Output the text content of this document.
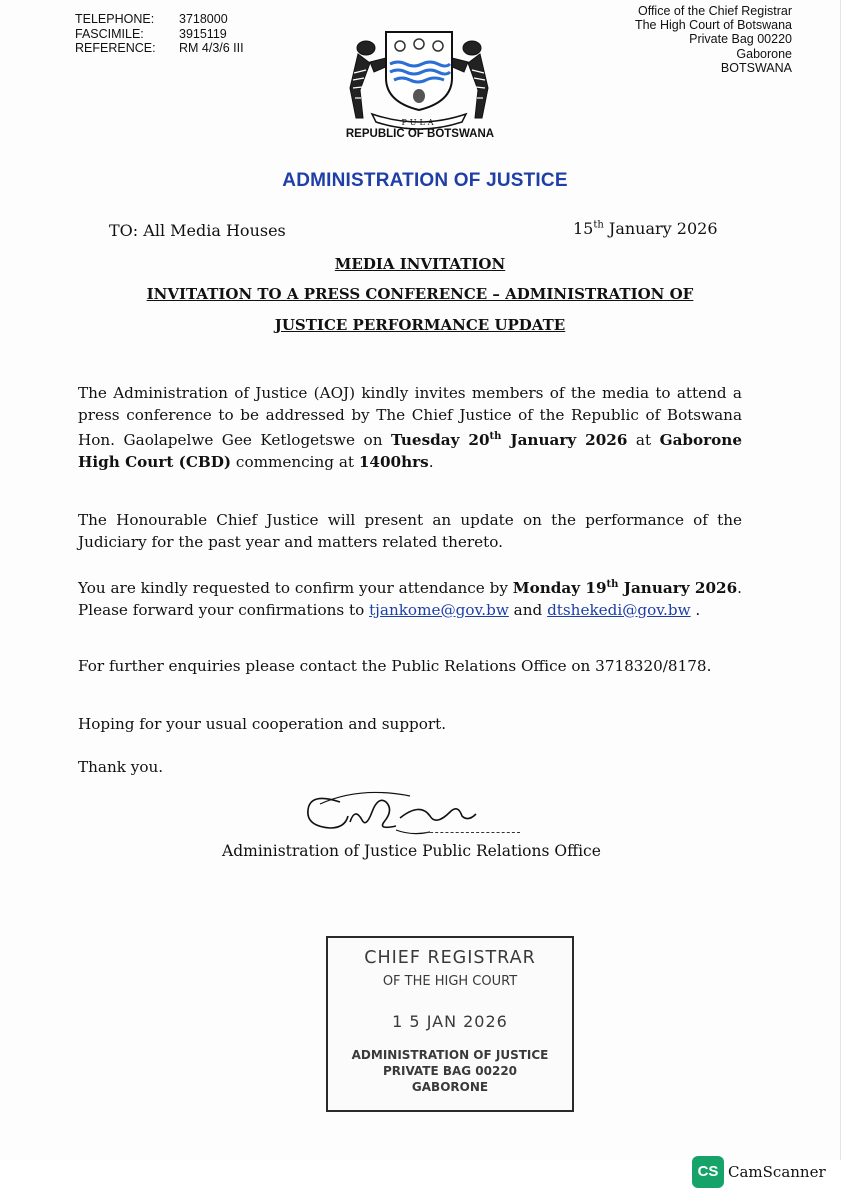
TELEPHONE: 3718000
FASCIMILE:	3915119
REFERENCE: RM 4/3/6 III
Office of the Chief Registrar
The High Court of Botswana
Private Bag 00220
Gaborone
BOTSWANA
PULA
REPUBLIC OF BOTSWANA
ADMINISTRATION OF JUSTICE
TO: All Media Houses	15th January 2026
MEDIA INVITATION
INVITATION TO A PRESS CONFERENCE – ADMINISTRATION OF
JUSTICE PERFORMANCE UPDATE
The Administration of Justice (AOJ) kindly invites members of the media to attend a press conference to be addressed by The Chief Justice of the Republic of Botswana Hon. Gaolapelwe Gee Ketlogetswe on Tuesday 20th January 2026 at Gaborone High Court (CBD) commencing at 1400hrs.
The Honourable Chief Justice will present an update on the performance of the Judiciary for the past year and matters related thereto.
You are kindly requested to confirm your attendance by Monday 19th January 2026. Please forward your confirmations to tjankome@gov.bw and dtshekedi@gov.bw .
For further enquiries please contact the Public Relations Office on 3718320/8178.
Hoping for your usual cooperation and support.
Thank you.
Administration of Justice Public Relations Office
CHIEF REGISTRAR
OF THE HIGH COURT
1 5 JAN 2026
ADMINISTRATION OF JUSTICE
PRIVATE BAG 00220
GABORONE
CS CamScanner
